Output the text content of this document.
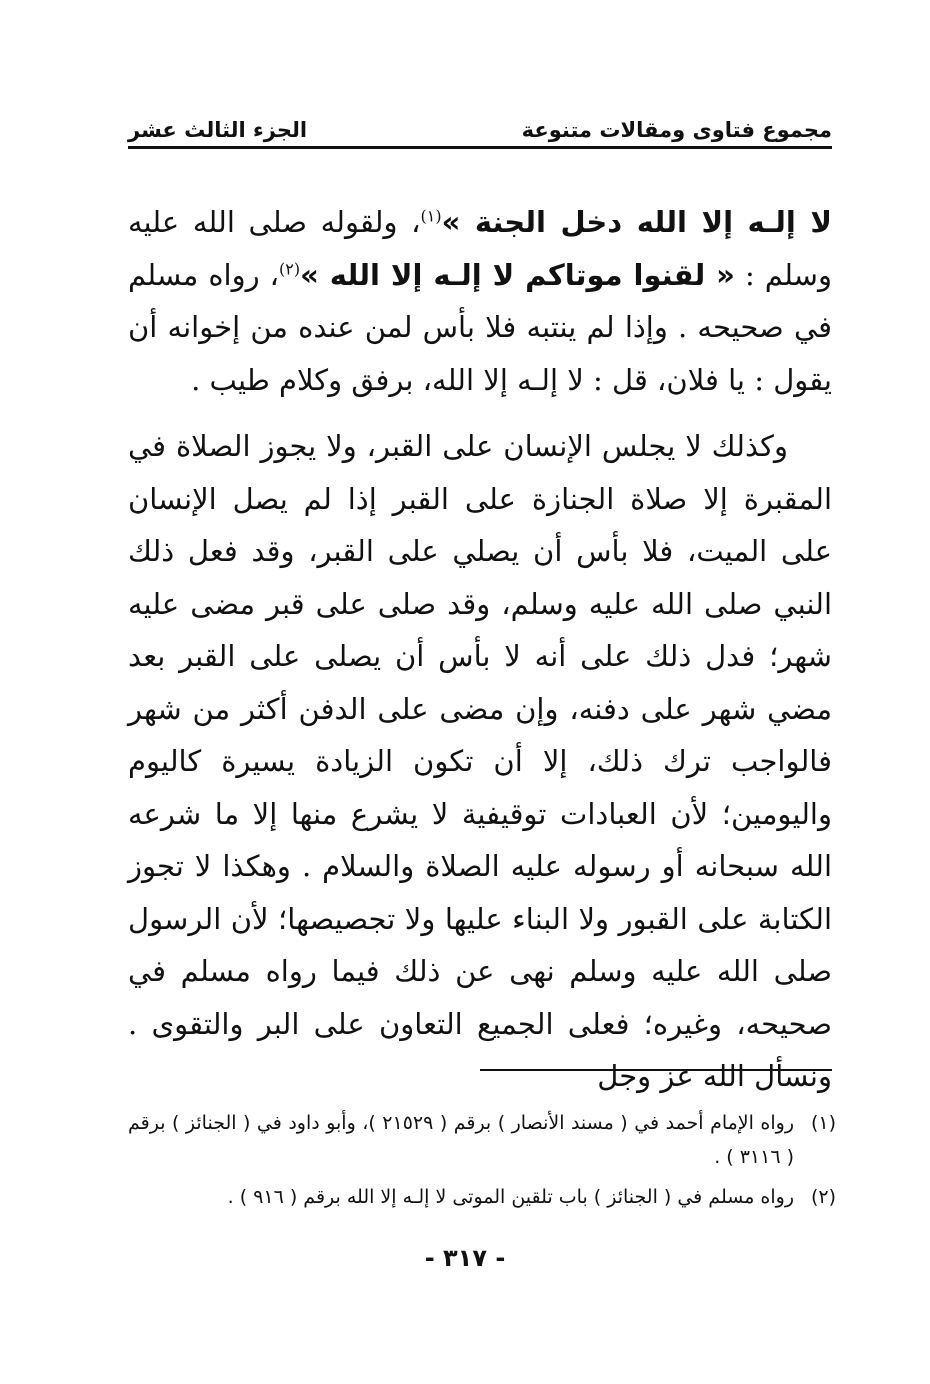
مجموع فتاوى ومقالات متنوعة
الجزء الثالث عشر

لا إلـه إلا الله دخل الجنة »$^{(١)}$، ولقوله صلى الله عليه وسلم : « لقنوا موتاكم لا إلـه إلا الله »$^{(٢)}$، رواه مسلم في صحيحه . وإذا لم ينتبه فلا بأس لمن عنده من إخوانه أن يقول : يا فلان، قل : لا إلـه إلا الله، برفق وكلام طيب .

وكذلك لا يجلس الإنسان على القبر، ولا يجوز الصلاة في المقبرة إلا صلاة الجنازة على القبر إذا لم يصل الإنسان على الميت، فلا بأس أن يصلي على القبر، وقد فعل ذلك النبي صلى الله عليه وسلم، وقد صلى على قبر مضى عليه شهر؛ فدل ذلك على أنه لا بأس أن يصلى على القبر بعد مضي شهر على دفنه، وإن مضى على الدفن أكثر من شهر فالواجب ترك ذلك، إلا أن تكون الزيادة يسيرة كاليوم واليومين؛ لأن العبادات توقيفية لا يشرع منها إلا ما شرعه الله سبحانه أو رسوله عليه الصلاة والسلام . وهكذا لا تجوز الكتابة على القبور ولا البناء عليها ولا تجصيصها؛ لأن الرسول صلى الله عليه وسلم نهى عن ذلك فيما رواه مسلم في صحيحه، وغيره؛ فعلى الجميع التعاون على البر والتقوى . ونسأل الله عز وجل

(١)
رواه الإمام أحمد في ( مسند الأنصار ) برقم ( ٢١٥٢٩ )، وأبو داود في ( الجنائز ) برقم ( ٣١١٦ ) .

(٢)
رواه مسلم في ( الجنائز ) باب تلقين الموتى لا إلـه إلا الله برقم ( ٩١٦ ) .

- ٣١٧ -
